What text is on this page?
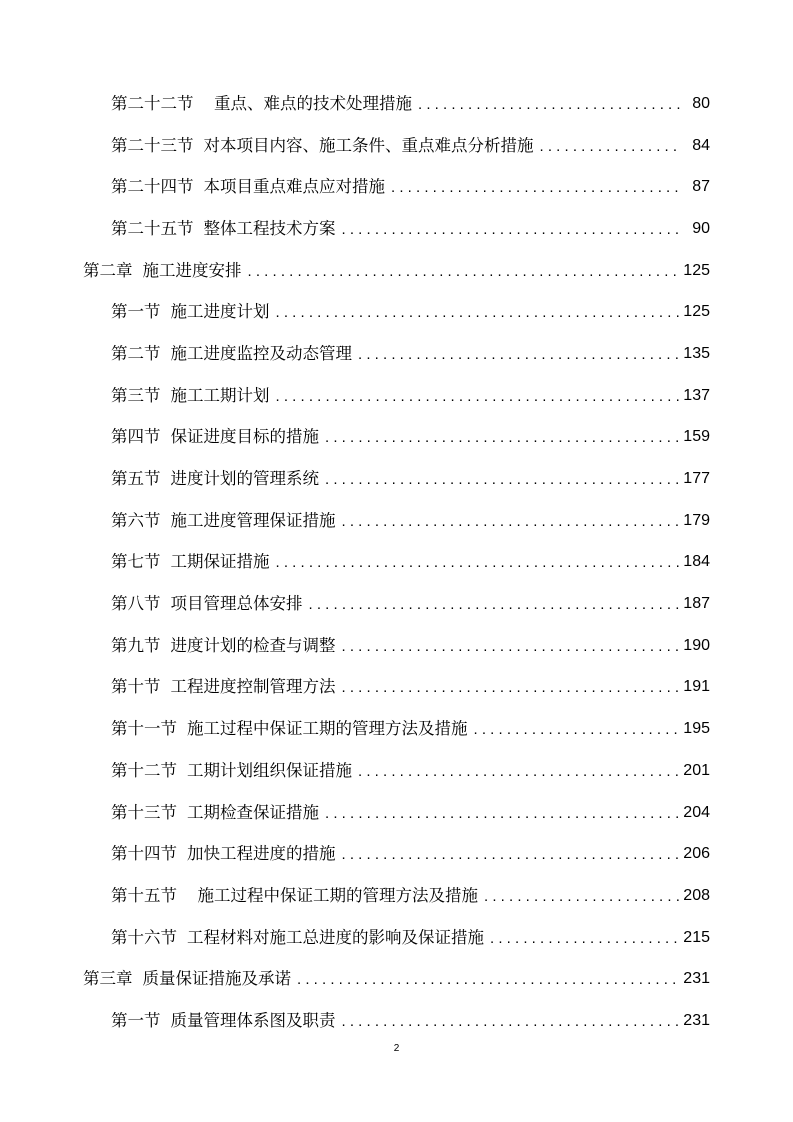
第二十二节 重点、难点的技术处理措施 . . .	80
第二十三节 对本项目内容、施工条件、重点难点分析措施 . . .	84
第二十四节 本项目重点难点应对措施 . . .	87
第二十五节 整体工程技术方案 . . .	90
第二章 施工进度安排 . . .	125
第一节 施工进度计划 . . .	125
第二节 施工进度监控及动态管理 . . .	135
第三节 施工工期计划 . . .	137
第四节 保证进度目标的措施 . . .	159
第五节 进度计划的管理系统 . . .	177
第六节 施工进度管理保证措施 . . .	179
第七节 工期保证措施 . . .	184
第八节 项目管理总体安排 . . .	187
第九节 进度计划的检查与调整 . . .	190
第十节 工程进度控制管理方法 . . .	191
第十一节 施工过程中保证工期的管理方法及措施 . . .	195
第十二节 工期计划组织保证措施 . . .	201
第十三节 工期检查保证措施 . . .	204
第十四节 加快工程进度的措施 . . .	206
第十五节 施工过程中保证工期的管理方法及措施 . . .	208
第十六节 工程材料对施工总进度的影响及保证措施 . . .	215
第三章 质量保证措施及承诺 . . .	231
第一节 质量管理体系图及职责 . . .	231
2
